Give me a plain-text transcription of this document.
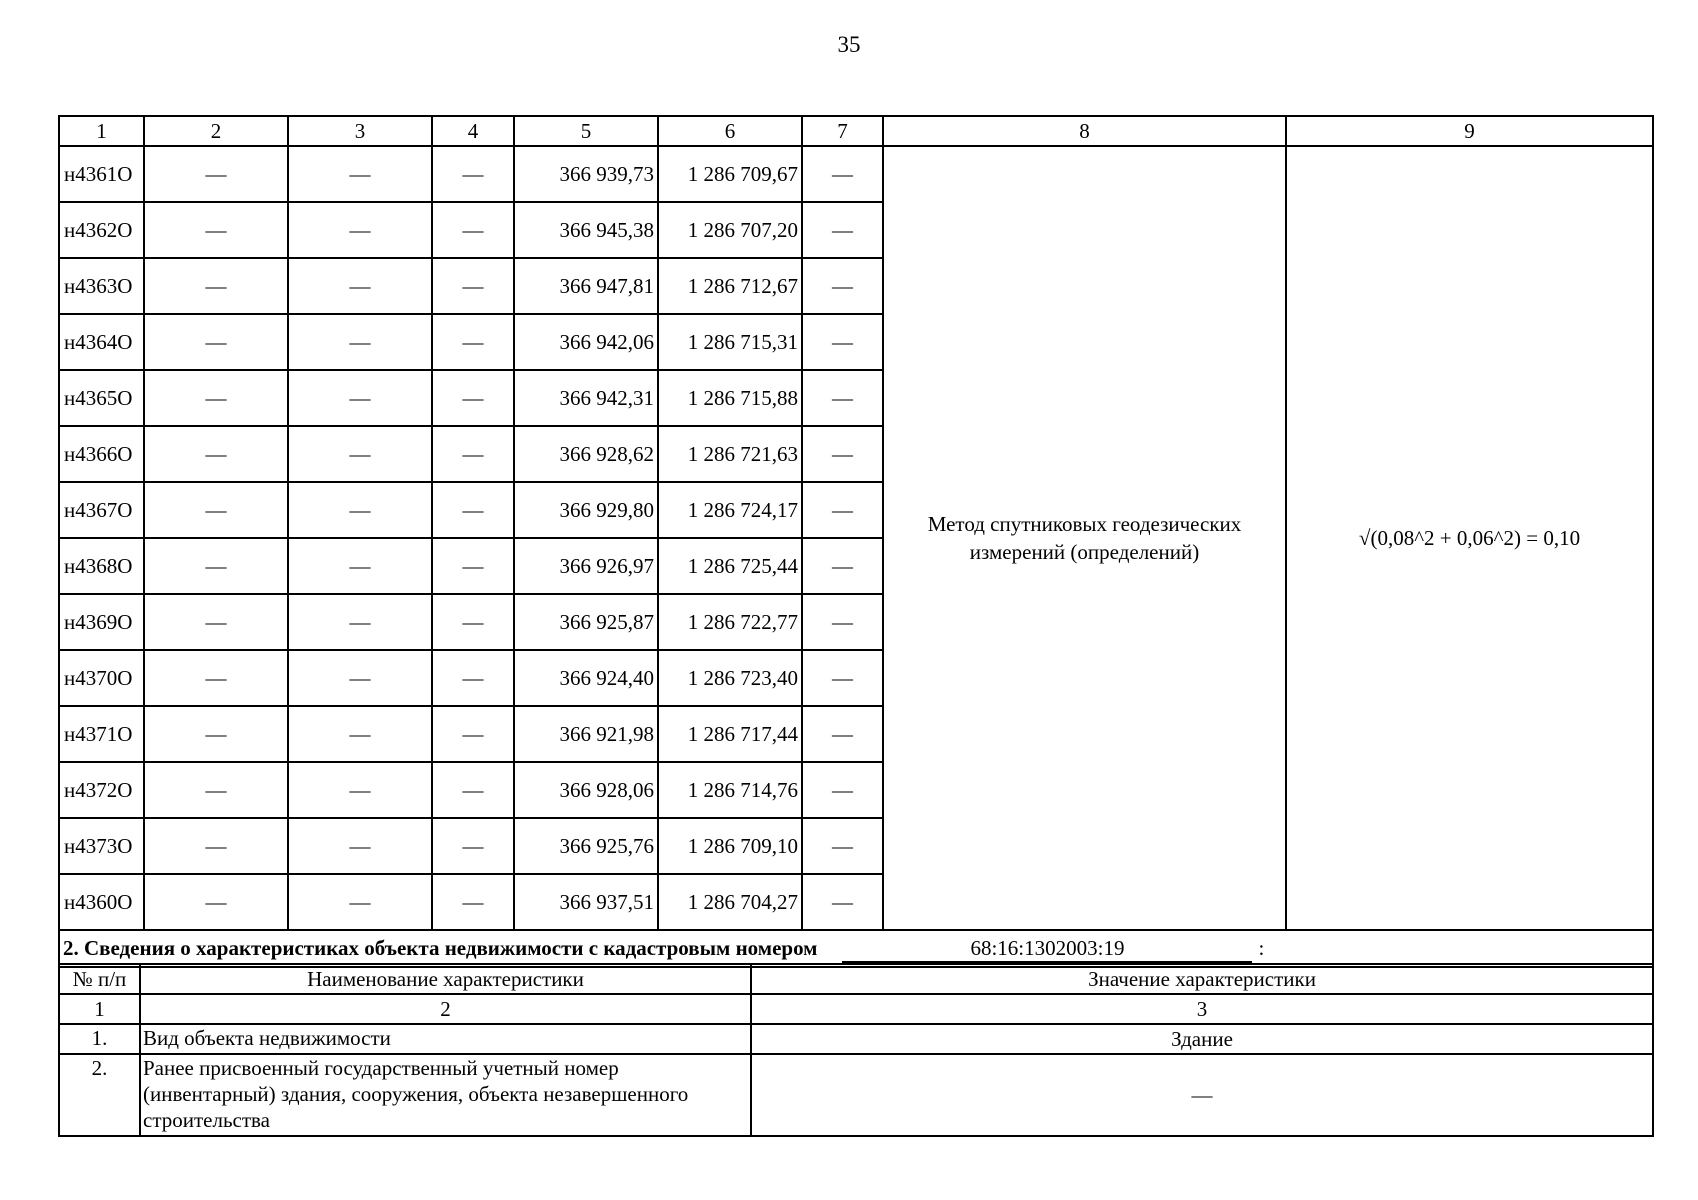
35
1	2	3	4	5	6	7	8	9
н4361О	—	—	—	366 939,73	1 286 709,67	—	Метод спутниковых геодезических измерений (определений)	√(0,08^2 + 0,06^2) = 0,10
н4362О	—	—	—	366 945,38	1 286 707,20	—		
н4363О	—	—	—	366 947,81	1 286 712,67	—		
н4364О	—	—	—	366 942,06	1 286 715,31	—		
н4365О	—	—	—	366 942,31	1 286 715,88	—		
н4366О	—	—	—	366 928,62	1 286 721,63	—		
н4367О	—	—	—	366 929,80	1 286 724,17	—		
н4368О	—	—	—	366 926,97	1 286 725,44	—		
н4369О	—	—	—	366 925,87	1 286 722,77	—		
н4370О	—	—	—	366 924,40	1 286 723,40	—		
н4371О	—	—	—	366 921,98	1 286 717,44	—		
н4372О	—	—	—	366 928,06	1 286 714,76	—		
н4373О	—	—	—	366 925,76	1 286 709,10	—		
н4360О	—	—	—	366 937,51	1 286 704,27	—		
2. Сведения о характеристиках объекта недвижимости с кадастровым номером 68:16:1302003:19 :								
№ п/п	Наименование характеристики	Значение характеристики
1	2	3
1.	Вид объекта недвижимости	Здание
2.	Ранее присвоенный государственный учетный номер (инвентарный) здания, сооружения, объекта незавершенного строительства	—
